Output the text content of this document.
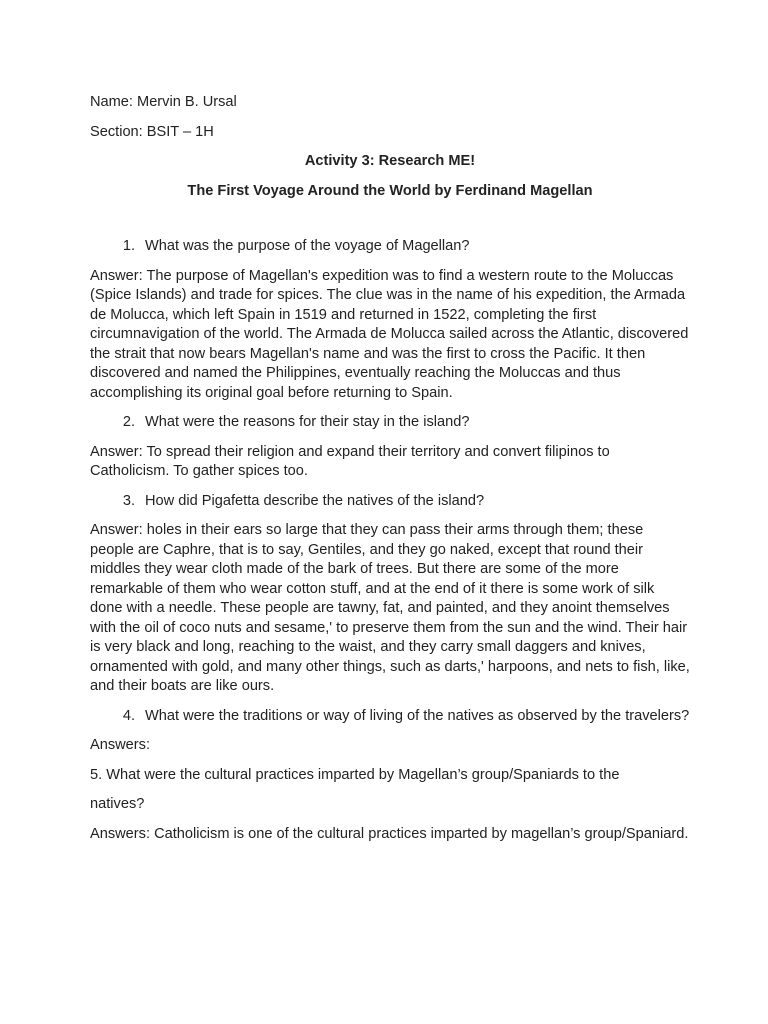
Name: Mervin B. Ursal

Section: BSIT – 1H

Activity 3: Research ME!

The First Voyage Around the World by Ferdinand Magellan

1. What was the purpose of the voyage of Magellan?

Answer: The purpose of Magellan's expedition was to find a western route to the Moluccas (Spice Islands) and trade for spices. The clue was in the name of his expedition, the Armada de Molucca, which left Spain in 1519 and returned in 1522, completing the first circumnavigation of the world. The Armada de Molucca sailed across the Atlantic, discovered the strait that now bears Magellan's name and was the first to cross the Pacific. It then discovered and named the Philippines, eventually reaching the Moluccas and thus accomplishing its original goal before returning to Spain.

2. What were the reasons for their stay in the island?

Answer: To spread their religion and expand their territory and convert filipinos to Catholicism. To gather spices too.

3. How did Pigafetta describe the natives of the island?

Answer: holes in their ears so large that they can pass their arms through them; these people are Caphre, that is to say, Gentiles, and they go naked, except that round their middles they wear cloth made of the bark of trees. But there are some of the more remarkable of them who wear cotton stuff, and at the end of it there is some work of silk done with a needle. These people are tawny, fat, and painted, and they anoint themselves with the oil of coco nuts and sesame,' to preserve them from the sun and the wind. Their hair is very black and long, reaching to the waist, and they carry small daggers and knives, ornamented with gold, and many other things, such as darts,' harpoons, and nets to fish, like, and their boats are like ours.

4. What were the traditions or way of living of the natives as observed by the travelers?

Answers:

5. What were the cultural practices imparted by Magellan’s group/Spaniards to the

natives?

Answers: Catholicism is one of the cultural practices imparted by magellan’s group/Spaniard.
